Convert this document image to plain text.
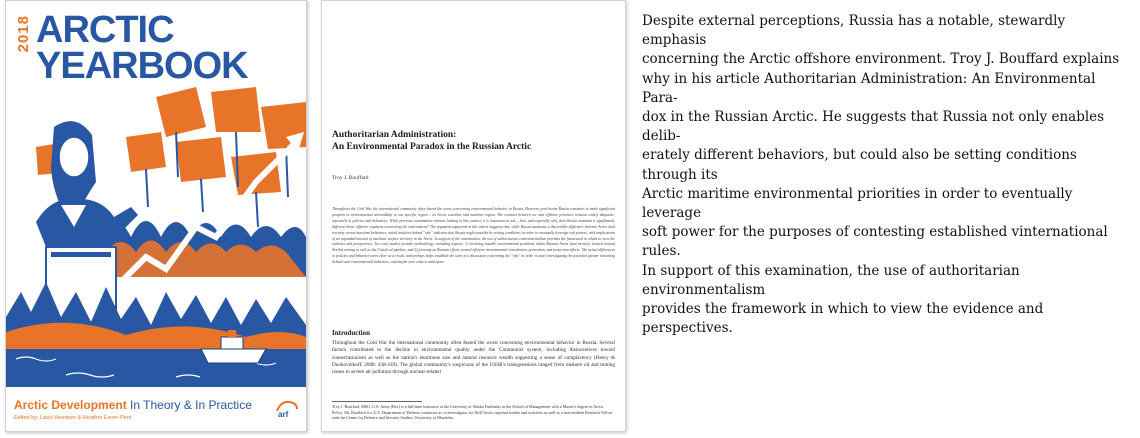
2018 ARCTIC
YEARBOOK
Arctic Development In Theory & In Practice
Edited by: Lassi Heininen & Heather Exner-Pirot	arf
Authoritarian Administration:
An Environmental Paradox in the Russian Arctic
Troy J. Bouffard
Throughout the Cold War, the international community often feared the worst concerning environmental behavior in Russia. However, post-Soviet Russia continues to make significant progress in environmental stewardship in one specific region – its Arctic coastline and maritime region. The contrast between on- and offshore priorities remains widely disparate, especially in policies and behaviors. While previous examination remains lacking in this context, it is important to ask – how, and especially why, does Russia maintain a significantly different Arctic offshore emphasis concerning the environment? The argument supported in this article suggests that, while Russia maintains a discernible difference between Arctic land territory versus maritime behaviors, initial intuition behind "why" indicates that Russia might possibly be setting conditions in order to eventually leverage soft powers, with implications of an expanded amount of maritime surface territory in the Arctic. In support of the examination, the use of authoritarian environmentalism provides the framework in which to view the evidence and perspectives. Two case studies provide methodology, including aspects: 1) involving notable environmental problems within Russian Arctic land territory located around Norilsk mining as well as the Usinsk oil pipeline, and 2) focusing on Russian efforts toward offshore environmental remediation, prevention, and protection efforts. The actual differences in policies and behavior seem clear as a result, and perhaps helps establish the start of a discussion concerning the "why" in order to start investigating the potential greater reasoning behind such environmental behaviors, and maybe even what to anticipate.
Introduction
Throughout the Cold War the international community often feared the worst concerning environmental behavior in Russia. Several factors contributed to the decline in environmental quality under the Communist system, including disincentives toward conservationism as well as the nation's enormous size and natural resource wealth supporting a sense of complacency (Henry & Douhovnikoff, 2008: 438-439). The global community's suspicions of the USSR's transgressions ranged from onshore oil and mining issues to severe air pollution through nuclear-related
Troy J. Bouffard, MSG, U.S. Army (Ret.) is a full-time instructor at the University of Alaska Fairbanks in the School of Management with a Master's degree in Arctic Policy. Mr. Bouffard is a U.S. Department of Defense contractor as co-investigator for DoD Arctic regional studies and activities as well as a non-resident Research Fellow with the Centre for Defence and Security Studies, University of Manitoba.
Despite external perceptions, Russia has a notable, stewardly emphasis
concerning the Arctic offshore environment. Troy J. Bouffard explains
why in his article Authoritarian Administration: An Environmental Para-
dox in the Russian Arctic. He suggests that Russia not only enables delib-
erately different behaviors, but could also be setting conditions through its
Arctic maritime environmental priorities in order to eventually leverage
soft power for the purposes of contesting established vinternational rules.
In support of this examination, the use of authoritarian environmentalism
provides the framework in which to view the evidence and perspectives.
